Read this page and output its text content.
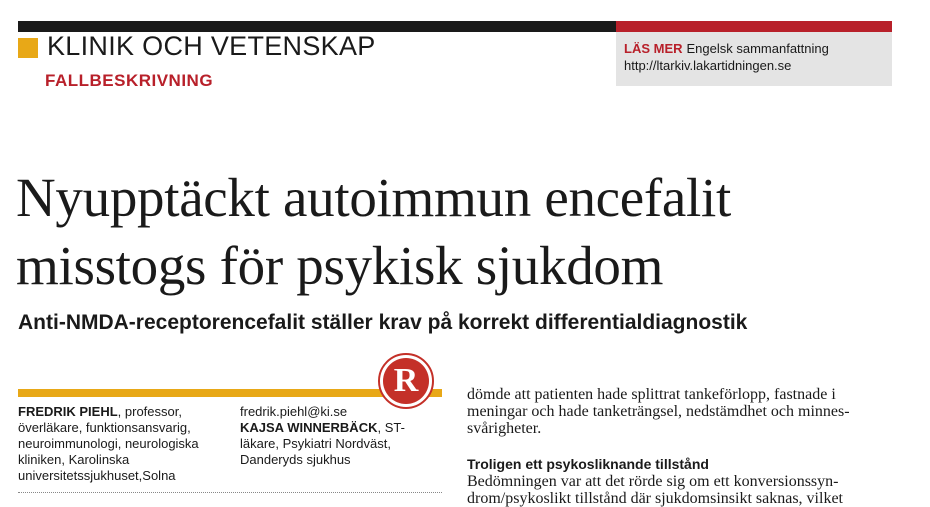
KLINIK OCH VETENSKAP
FALLBESKRIVNING
LÄS MER Engelsk sammanfattning
http://ltarkiv.lakartidningen.se
Nyupptäckt autoimmun encefalit
misstogs för psykisk sjukdom
Anti-NMDA-receptorencefalit ställer krav på korrekt differentialdiagnostik
R
FREDRIK PIEHL, professor, överläkare, funktionsansvarig, neuroimmunologi, neurologiska kliniken, Karolinska universitetssjukhuset,Solna
fredrik.piehl@ki.se
KAJSA WINNERBÄCK, ST-läkare, Psykiatri Nordväst, Danderyds sjukhus
dömde att patienten hade splittrat tankeförlopp, fastnade i
meningar och hade tanketrängsel, nedstämdhet och minnes-
svårigheter.
Troligen ett psykosliknande tillstånd
Bedömningen var att det rörde sig om ett konversionssyn-
drom/psykoslikt tillstånd där sjukdomsinsikt saknas, vilket
